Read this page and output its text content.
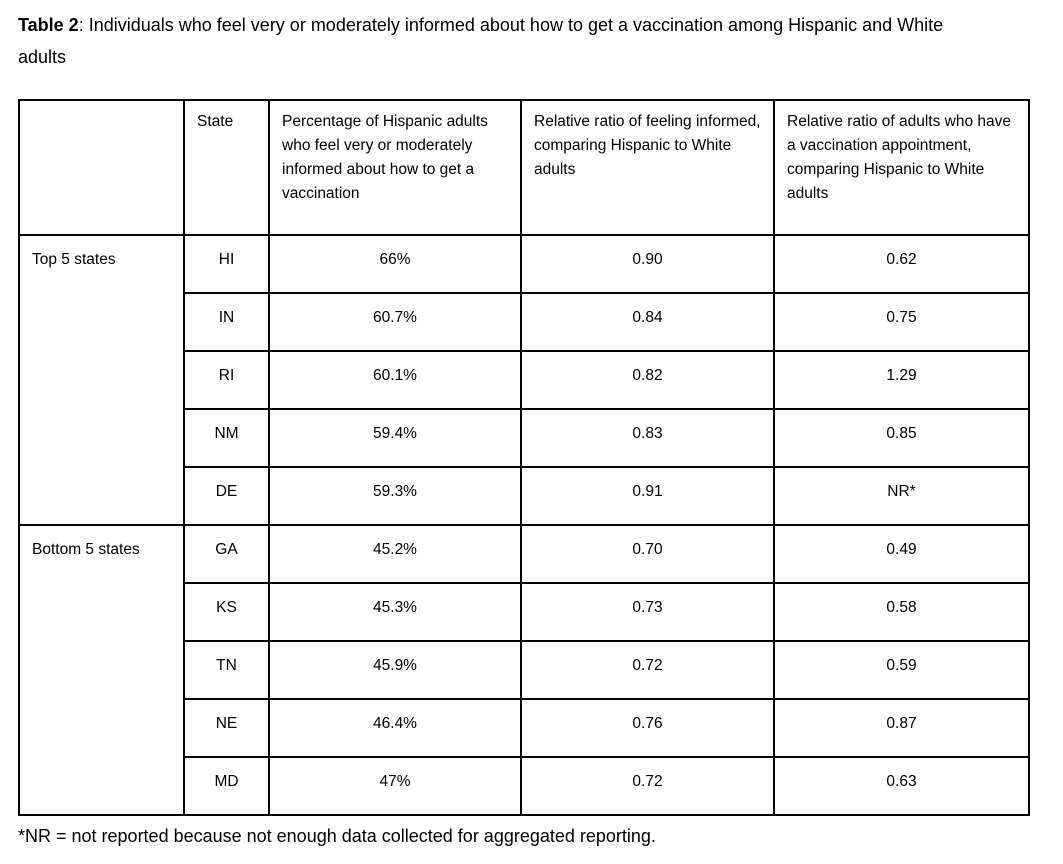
Table 2: Individuals who feel very or moderately informed about how to get a vaccination among Hispanic and White adults

	State	Percentage of Hispanic adults who feel very or moderately informed about how to get a vaccination	Relative ratio of feeling informed, comparing Hispanic to White adults	Relative ratio of adults who have a vaccination appointment, comparing Hispanic to White adults
Top 5 states	HI	66%	0.90	0.62
	IN	60.7%	0.84	0.75
	RI	60.1%	0.82	1.29
	NM	59.4%	0.83	0.85
	DE	59.3%	0.91	NR*
Bottom 5 states	GA	45.2%	0.70	0.49
	KS	45.3%	0.73	0.58
	TN	45.9%	0.72	0.59
	NE	46.4%	0.76	0.87
	MD	47%	0.72	0.63

*NR = not reported because not enough data collected for aggregated reporting.
